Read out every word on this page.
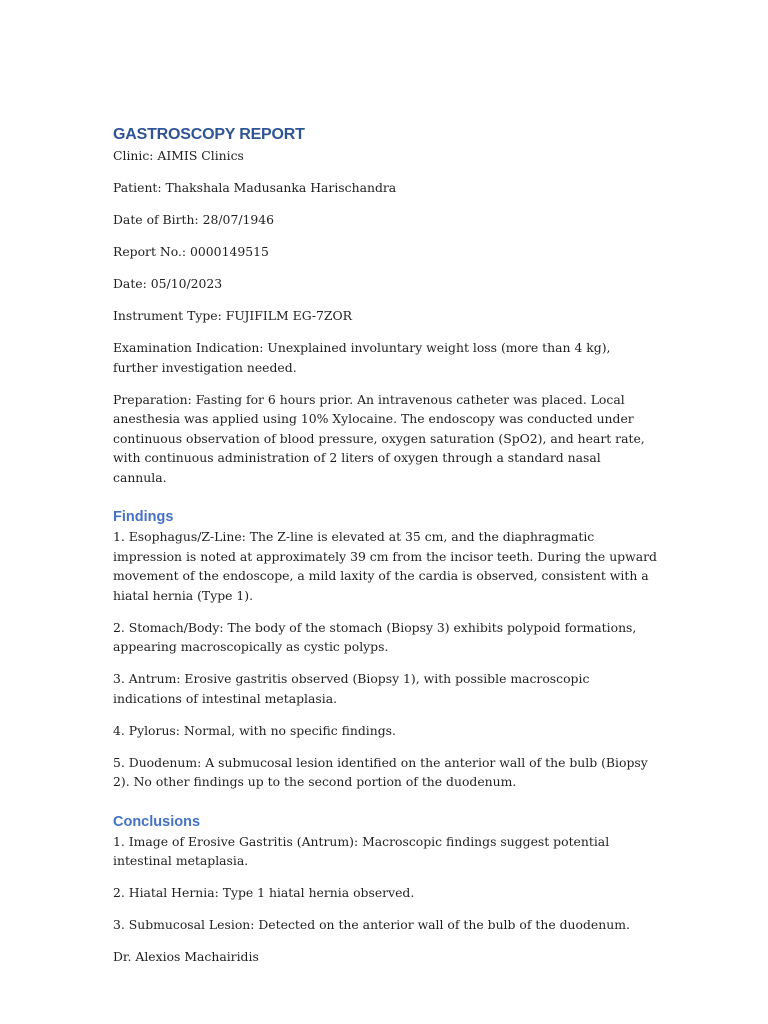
GASTROSCOPY REPORT

Clinic: AIMIS Clinics

Patient: Thakshala Madusanka Harischandra

Date of Birth: 28/07/1946

Report No.: 0000149515

Date: 05/10/2023

Instrument Type: FUJIFILM EG-7ZOR

Examination Indication: Unexplained involuntary weight loss (more than 4 kg), further investigation needed.

Preparation: Fasting for 6 hours prior. An intravenous catheter was placed. Local anesthesia was applied using 10% Xylocaine. The endoscopy was conducted under continuous observation of blood pressure, oxygen saturation (SpO2), and heart rate, with continuous administration of 2 liters of oxygen through a standard nasal cannula.

Findings

1. Esophagus/Z-Line: The Z-line is elevated at 35 cm, and the diaphragmatic impression is noted at approximately 39 cm from the incisor teeth. During the upward movement of the endoscope, a mild laxity of the cardia is observed, consistent with a hiatal hernia (Type 1).

2. Stomach/Body: The body of the stomach (Biopsy 3) exhibits polypoid formations, appearing macroscopically as cystic polyps.

3. Antrum: Erosive gastritis observed (Biopsy 1), with possible macroscopic indications of intestinal metaplasia.

4. Pylorus: Normal, with no specific findings.

5. Duodenum: A submucosal lesion identified on the anterior wall of the bulb (Biopsy 2). No other findings up to the second portion of the duodenum.

Conclusions

1. Image of Erosive Gastritis (Antrum): Macroscopic findings suggest potential intestinal metaplasia.

2. Hiatal Hernia: Type 1 hiatal hernia observed.

3. Submucosal Lesion: Detected on the anterior wall of the bulb of the duodenum.

Dr. Alexios Machairidis
